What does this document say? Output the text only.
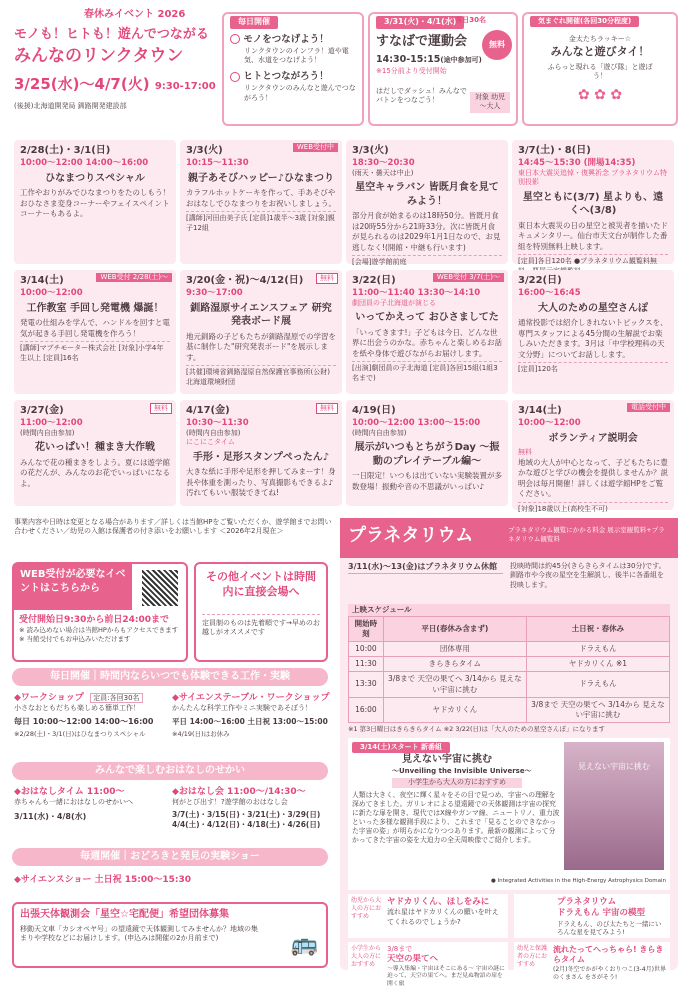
春休みイベント 2026
モノも！ヒトも！遊んでつながる
みんなのリンクタウン
3/25(水)～4/7(火) 9:30-17:00
(後援)北海道開発局 釧路開発建設部
毎日開催
モノをつなげよう！
リンクタウンのインフラ！道や電気、水道をつなげよう！
ヒトとつながろう！
リンクタウンのみんなと遊んでつながろう！
3/31(火)・4/1(水)
各日30名
無料
すなばで運動会
14:30-15:15(途中参加可)
※15分前より受付開始
対象 幼児～大人
はだしでダッシュ！みんなでバトンをつなごう！
気まぐれ開催(各回30分程度)
金太たちラッキー☆
みんなと遊びタイ！
ふらっと現れる「遊び隊」と遊ぼう！
✿ ✿ ✿
2/28(土)・3/1(日)
10:00～12:00 14:00～16:00
ひなまつりスペシャル
工作やおりがみでひなまつりをたのしもう！おひなさま変身コーナーやフェイスペイントコーナーもあるよ。
3/3(火)
10:15～11:30
WEB受付中
親子あそびハッピー♪ひなまつり
カラフルホットケーキを作って、手あそびやおはなしでひなまつりをお祝いしましょう。
[講師]河田由美子氏 [定員]1歳半～3歳 [対象]親子12組
3/3(火)
18:30～20:30
(雨天・曇天は中止)
星空キャラバン 皆既月食を見てみよう！
部分月食が始まるのは18時50分。皆既月食は20時55分から21時33分。次に皆既月食が見られるのは2029年1月1日なので、お見逃しなく!(開館・中継も行います)
[会場]遊学館前庭
3/7(土)・8(日)
14:45～15:30 (開場14:35)
東日本大震災追悼・復興祈念 プラネタリウム特別投影
星空ともに(3/7) 星よりも、遠くへ(3/8)
東日本大震災の日の星空と被災者を描いたドキュメンタリー。仙台市天文台が制作した番組を特別無料上映します。
[定員]各日120名 ●プラネタリウム観覧料無
3/14(土)
10:00～12:00
WEB受付 2/28(土)～
工作教室 手回し発電機 爆誕！
発電の仕組みを学んで、ハンドルを回すと電気が起きる手回し発電機を作ろう！
[講師]マブチモーター株式会社 [対象]小学4年生以上 [定員]16名
3/20(金・祝)～4/12(日)
9:30～17:00
無料
釧路湿原サイエンスフェア 研究発表ボード展
地元釧路の子どもたちが釧路湿原での学習を基に制作した"研究発表ボード"を展示します。
[共催]環境省釧路湿原自然保護官事務所(公財)北海道環境財団
3/22(日)
11:00～11:40 13:30～14:10
WEB受付 3/7(土)～
劇団員の子北海道が演じる
いってかえって おひさましてた
「いってきます!」子どもは今日、どんな世界に出会うのかな。赤ちゃんと楽しめるお話を紙や身体で遊びながらお届けします。
[出演]劇団員の子北海道 [定員]各回15組(1組3名まで)
3/22(日)
16:00～16:45
大人のための星空さんぽ
通常投影では紹介しきれないトピックスを、専門スタッフによる45分間の生解説でお楽しみいただきます。3月は「中学校理科の天文分野」についてお話しします。
[定員]120名
3/27(金)
11:00～12:00
(時間内自由参加)
無料
花いっぱい！種まき大作戦
みんなで花の種まきをしよう。夏には遊学館の花だんが、みんなのお花でいっぱいになるよ。
4/17(金)
10:30～11:30
(時間内自由参加)
無料
にこにこタイム
手形・足形スタンプぺったん♪
大きな紙に手形や足形を押してみまーす！身長や体重を測ったり、写真撮影もできるよ♪汚れてもいい服装できてね!
4/19(日)
10:00～12:00 13:00～15:00
(時間内自由参加)
展示がいつもとちがうDay ～振動のプレイテーブル編～
一日限定！いつもは出ていない実験装置が多数登場！振動や音の不思議がいっぱい♪
3/14(土)
10:00～12:00
電話受付中
ボランティア説明会
無料
地域の大人が中心となって、子どもたちに豊かな遊びと学びの機会を提供しませんか？説明会は毎月開催！詳しくは遊学館HPをご覧ください。
[対象]18歳以上(高校生不可)
事業内容や日時は変更となる場合があります／詳しくは当館HPをご覧いただくか、遊学館までお問い合わせください／幼児の入館は保護者の付き添いをお願いします ＜2026年2月現在＞
WEB受付が必要なイベントはこちらから
受付開始日9:30から前日24:00まで
※ 読み込めない場合は当館HPからもアクセスできます
※ 当館受付でもお申込みいただけます
その他イベントは時間内に直接会場へ
定員制のものは先着順です→早めのお越しがオススメです
毎日開催｜時間内ならいつでも体験できる工作・実験
◆ワークショップ 定員:各回30名
小さなおともだちも楽しめる簡単工作！
毎日 10:00～12:00 14:00～16:00
※2/28(土)・3/1(日)はひなまつりスペシャル
◆サイエンステーブル・ワークショップ
かんたんな科学工作やミニ実験であそぼう！
平日 14:00～16:00 土日祝 13:00～15:00
※4/19(日)はお休み
みんなで楽しむおはなしのせかい
◆おはなしタイム 11:00～
赤ちゃんも一緒におはなしのせかいへ
3/11(水)・4/8(水)
◆おはなし会 11:00～/14:30～
何がとび出す！?遊学館のおはなし会
3/7(土)・3/15(日)・3/21(土)・3/29(日)
4/4(土)・4/12(日)・4/18(土)・4/26(日)
毎週開催｜おどろきと発見の実験ショー
◆サイエンスショー 土日祝 15:00～15:30
出張天体観測会「星空☆宅配便」希望団体募集
移動天文車「カシオペヤ号」の望遠鏡で天体観測してみませんか？地域の集まりや学校などにお届けします。(申込みは開催の2か月前まで)	🚌
プラネタリウム	プラネタリウム観覧にかかる料金 展示室観覧料+プラネタリウム観覧料
3/11(水)～13(金)はプラネタリウム休館	投映時間は約45分(きらきらタイムは30分)です。釧路市や今夜の星空を生解説し、後半に各番組を投映します。
上映スケジュール
開始時刻	平日(春休み含まず)	土日祝・春休み
10:00	団体専用	ドラえもん
11:30	きらきらタイム	ヤドカリくん ※1
13:30	3/8まで 天空の果てへ 3/14から 見えない宇宙に挑む	ドラえもん
16:00	ヤドカリくん	3/8まで 天空の果てへ 3/14から 見えない宇宙に挑む
※1 第3日曜日はきらきらタイム ※2 3/22(日)は「大人のための星空さんぽ」になります
3/14(土)スタート 新番組
見えない宇宙に挑む
～Unveiling the Invisible Universe～
小学生から大人の方におすすめ
人類は大きく、夜空に輝く星々をその目で見つめ、宇宙への理解を深めてきました。ガリレオによる望遠鏡での天体観測は宇宙の探究に新たな扉を開き、現代ではX線やガンマ線、ニュートリノ、重力波といった多様な観測手段により、これまで「見ることのできなかった宇宙の姿」が明らかになりつつあります。最新の観測によって分かってきた宇宙の姿を大迫力の全天周映像でご紹介します。
● Integrated Activities in the High-Energy Astrophysics Domain
見えない宇宙に挑む
幼児から大人の方におすすめ
ヤドカリくん、ほしをみに
流れ星はヤドカリくんの願いを叶えてくれるのでしょうか?
プラネタリウム
ドラえもん 宇宙の模型
ドラえもん、のび太たちと一緒にいろんな星を見てみよう!
小学生から大人の方におすすめ
3/8まで
天空の果てへ
～導入集編・宇宙はそこにある～ 宇宙の謎に迫って、天空の果てへ。まだ見ぬ物語の扉を開く旅
幼児と保護者の方におすすめ
流れたってへっちゃら! きらきらタイム
(2月)冬空でかがやくおりつこ(3-4月)世界のくまさん をさがそう!
